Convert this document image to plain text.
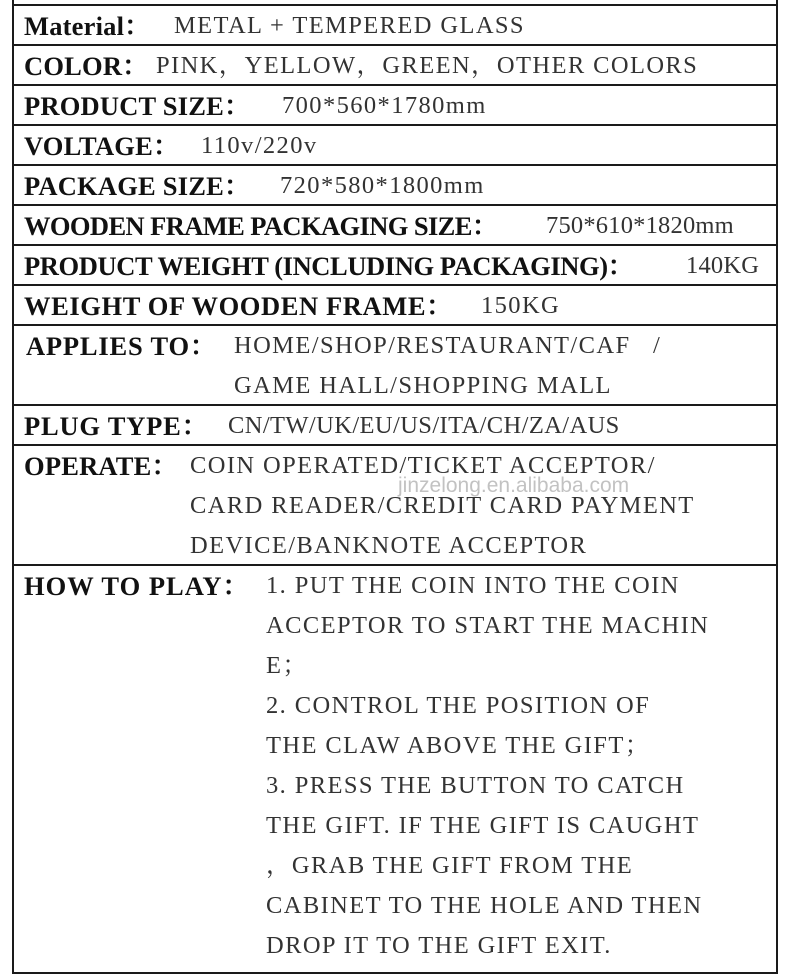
Material： METAL + TEMPERED GLASS
COLOR： PINK，YELLOW，GREEN，OTHER COLORS
PRODUCT SIZE： 700*560*1780mm
VOLTAGE： 110v/220v
PACKAGE SIZE： 720*580*1800mm
WOODEN FRAME PACKAGING SIZE： 750*610*1820mm
PRODUCT WEIGHT (INCLUDING PACKAGING)： 140KG
WEIGHT OF WOODEN FRAME： 150KG
APPLIES TO： HOME/SHOP/RESTAURANT/CAF   /
GAME HALL/SHOPPING MALL
PLUG TYPE： CN/TW/UK/EU/US/ITA/CH/ZA/AUS
OPERATE： COIN OPERATED/TICKET ACCEPTOR/
CARD READER/CREDIT CARD PAYMENT
DEVICE/BANKNOTE ACCEPTOR
HOW TO PLAY： 1. PUT THE COIN INTO THE COIN
ACCEPTOR TO START THE MACHIN
E；
2. CONTROL THE POSITION OF
THE CLAW ABOVE THE GIFT；
3. PRESS THE BUTTON TO CATCH
THE GIFT. IF THE GIFT IS CAUGHT
，GRAB THE GIFT FROM THE
CABINET TO THE HOLE AND THEN
DROP IT TO THE GIFT EXIT.
jinzelong.en.alibaba.com
